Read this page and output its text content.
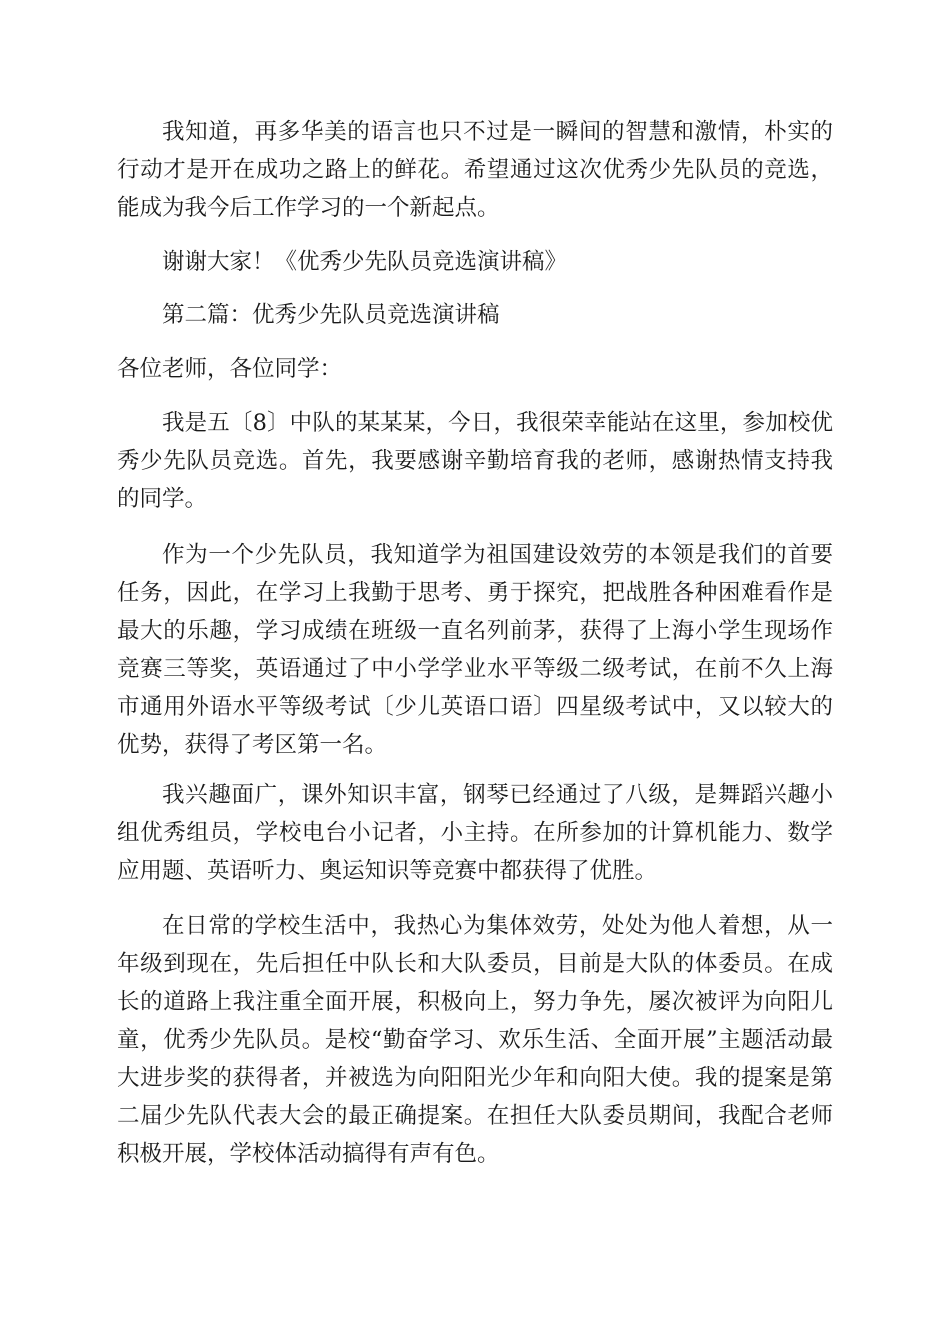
我知道，再多华美的语言也只不过是一瞬间的智慧和激情，朴实的行动才是开在成功之路上的鲜花。希望通过这次优秀少先队员的竞选，能成为我今后工作学习的一个新起点。

谢谢大家！《优秀少先队员竞选演讲稿》

第二篇：优秀少先队员竞选演讲稿

各位老师，各位同学：

我是五〔8〕中队的某某某，今日，我很荣幸能站在这里，参加校优秀少先队员竞选。首先，我要感谢辛勤培育我的老师，感谢热情支持我的同学。

作为一个少先队员，我知道学为祖国建设效劳的本领是我们的首要任务，因此，在学习上我勤于思考、勇于探究，把战胜各种困难看作是最大的乐趣，学习成绩在班级一直名列前茅，获得了上海小学生现场作竞赛三等奖，英语通过了中小学学业水平等级二级考试，在前不久上海市通用外语水平等级考试〔少儿英语口语〕四星级考试中，又以较大的优势，获得了考区第一名。

我兴趣面广，课外知识丰富，钢琴已经通过了八级，是舞蹈兴趣小组优秀组员，学校电台小记者，小主持。在所参加的计算机能力、数学应用题、英语听力、奥运知识等竞赛中都获得了优胜。

在日常的学校生活中，我热心为集体效劳，处处为他人着想，从一年级到现在，先后担任中队长和大队委员，目前是大队的体委员。在成长的道路上我注重全面开展，积极向上，努力争先，屡次被评为向阳儿童，优秀少先队员。是校“勤奋学习、欢乐生活、全面开展”主题活动最大进步奖的获得者，并被选为向阳阳光少年和向阳大使。我的提案是第二届少先队代表大会的最正确提案。在担任大队委员期间，我配合老师积极开展，学校体活动搞得有声有色。
